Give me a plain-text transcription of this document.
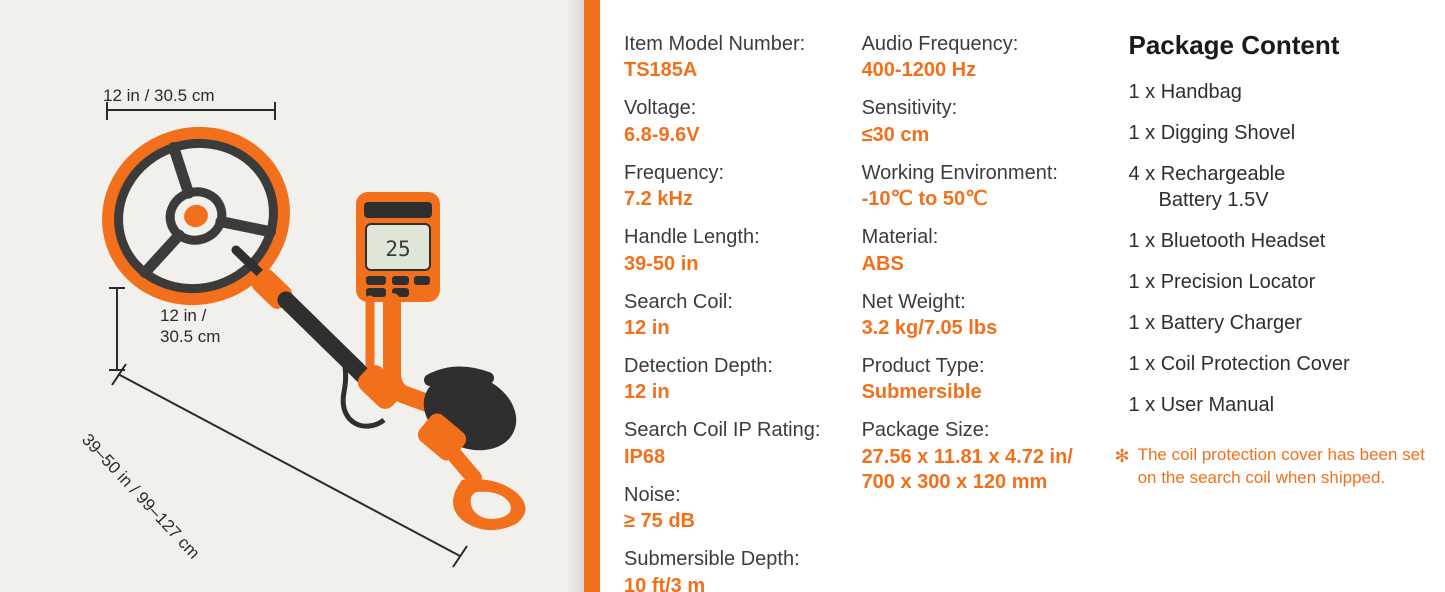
25
12 in / 30.5 cm
12 in /
30.5 cm
39–50 in / 99–127 cm
Item Model Number:
TS185A
Voltage:
6.8-9.6V
Frequency:
7.2 kHz
Handle Length:
39-50 in
Search Coil:
12 in
Detection Depth:
12 in
Search Coil IP Rating:
IP68
Noise:
≥ 75 dB
Submersible Depth:
10 ft/3 m
Audio Frequency:
400-1200 Hz
Sensitivity:
≤30 cm
Working Environment:
-10℃ to 50℃
Material:
ABS
Net Weight:
3.2 kg/7.05 lbs
Product Type:
Submersible
Package Size:
27.56 x 11.81 x 4.72 in/
700 x 300 x 120 mm
Package Content
1 x Handbag
1 x Digging Shovel
4 x Rechargeable
Battery 1.5V
1 x Bluetooth Headset
1 x Precision Locator
1 x Battery Charger
1 x Coil Protection Cover
1 x User Manual
✻ The coil protection cover has been set on the search coil when shipped.
